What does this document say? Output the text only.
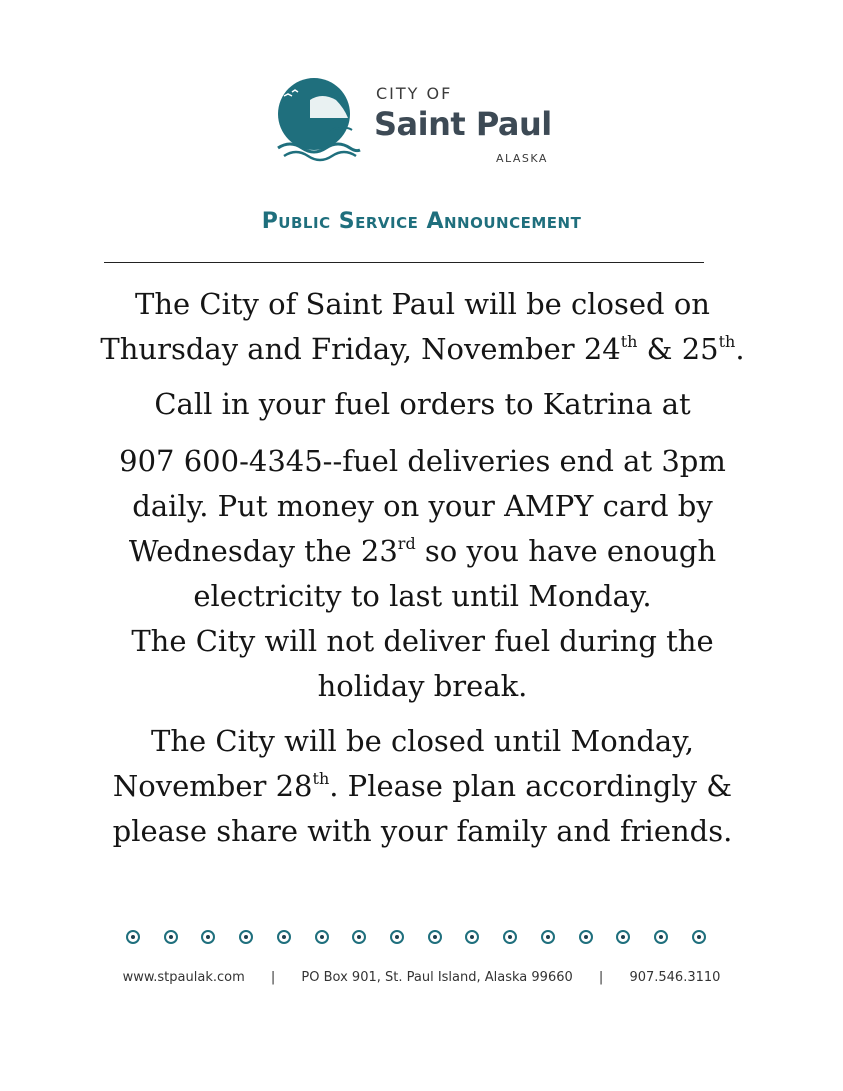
CITY OF
Saint Paul
ALASKA
Public Service Announcement

The City of Saint Paul will be closed on

Thursday and Friday, November 24th & 25th.

Call in your fuel orders to Katrina at

907 600-4345--fuel deliveries end at 3pm

daily. Put money on your AMPY card by

Wednesday the 23rd so you have enough

electricity to last until Monday.

The City will not deliver fuel during the

holiday break.

The City will be closed until Monday,

November 28th. Please plan accordingly &

please share with your family and friends.

www.stpaulak.com | PO Box 901, St. Paul Island, Alaska 99660 | 907.546.3110
